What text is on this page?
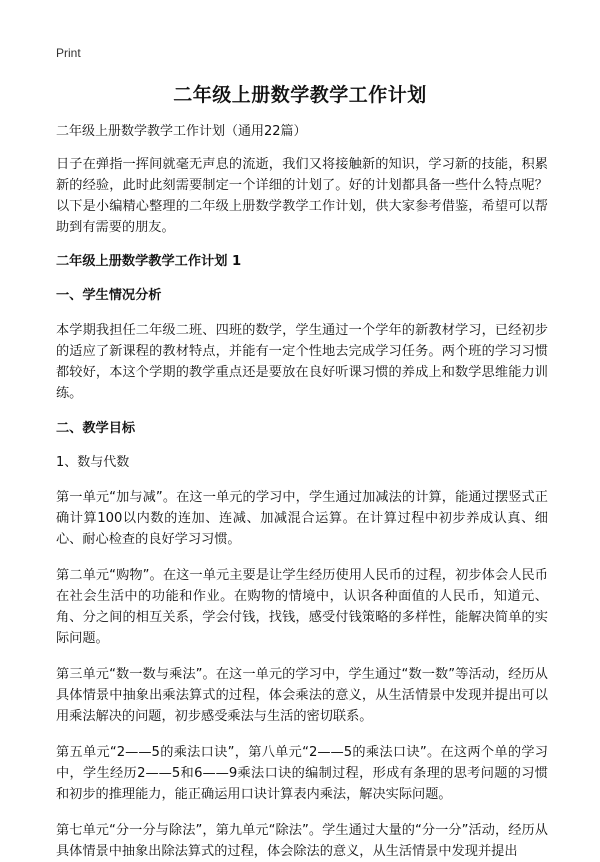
Print
二年级上册数学教学工作计划

二年级上册数学教学工作计划（通用22篇）

日子在弹指一挥间就毫无声息的流逝，我们又将接触新的知识，学习新的技能，积累新的经验，此时此刻需要制定一个详细的计划了。好的计划都具备一些什么特点呢？以下是小编精心整理的二年级上册数学教学工作计划，供大家参考借鉴，希望可以帮助到有需要的朋友。

二年级上册数学教学工作计划 1

一、学生情况分析

本学期我担任二年级二班、四班的数学，学生通过一个学年的新教材学习，已经初步的适应了新课程的教材特点，并能有一定个性地去完成学习任务。两个班的学习习惯都较好，本这个学期的教学重点还是要放在良好听课习惯的养成上和数学思维能力训练。

二、教学目标

1、数与代数

第一单元“加与减”。在这一单元的学习中，学生通过加减法的计算，能通过摆竖式正确计算100以内数的连加、连减、加减混合运算。在计算过程中初步养成认真、细心、耐心检查的良好学习习惯。

第二单元“购物”。在这一单元主要是让学生经历使用人民币的过程，初步体会人民币在社会生活中的功能和作业。在购物的情境中，认识各种面值的人民币，知道元、角、分之间的相互关系，学会付钱，找钱，感受付钱策略的多样性，能解决简单的实际问题。

第三单元“数一数与乘法”。在这一单元的学习中，学生通过“数一数”等活动，经历从具体情景中抽象出乘法算式的过程，体会乘法的意义，从生活情景中发现并提出可以用乘法解决的问题，初步感受乘法与生活的密切联系。

第五单元“2——5的乘法口诀”，第八单元“2——5的乘法口诀”。在这两个单的学习中，学生经历2——5和6——9乘法口诀的编制过程，形成有条理的思考问题的习惯和初步的推理能力，能正确运用口诀计算表内乘法，解决实际问题。

第七单元“分一分与除法”，第九单元“除法”。学生通过大量的“分一分”活动，经历从具体情景中抽象出除法算式的过程，体会除法的意义，从生活情景中发现并提出
